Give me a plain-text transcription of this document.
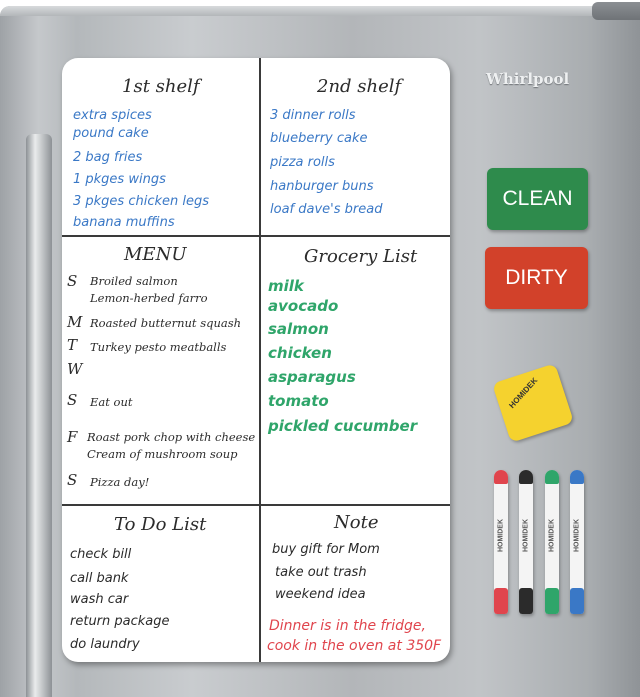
Whirlpool
1st shelf
extra spices
pound cake
2 bag fries
1 pkges wings
3 pkges chicken legs
banana muffins
2nd shelf
3 dinner rolls
blueberry cake
pizza rolls
hanburger buns
loaf dave's bread
MENU
S Broiled salmon
Lemon-herbed farro
M Roasted butternut squash
T Turkey pesto meatballs
W
S Eat out
F Roast pork chop with cheese
Cream of mushroom soup
S Pizza day!
Grocery List
milk
avocado
salmon
chicken
asparagus
tomato
pickled cucumber
To Do List
check bill
call bank
wash car
return package
do laundry
Note
buy gift for Mom
take out trash
weekend idea
Dinner is in the fridge,
cook in the oven at 350F
CLEAN
DIRTY
HOMIDEK
HOMIDEK	HOMIDEK	HOMIDEK	HOMIDEK
